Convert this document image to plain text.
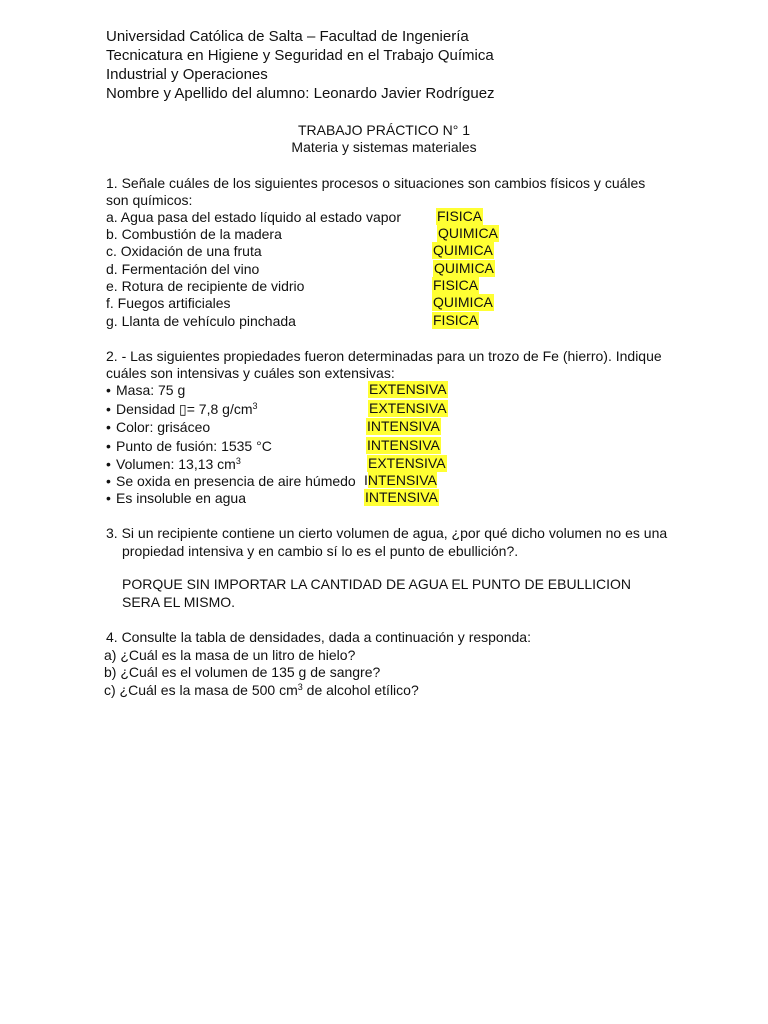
Universidad Católica de Salta – Facultad de Ingeniería
Tecnicatura en Higiene y Seguridad en el Trabajo Química
Industrial y Operaciones
Nombre y Apellido del alumno: Leonardo Javier Rodríguez
TRABAJO PRÁCTICO N° 1
Materia y sistemas materiales
1. Señale cuáles de los siguientes procesos o situaciones son cambios físicos y cuáles
son químicos:
a. Agua pasa del estado líquido al estado vapor	FISICA
b. Combustión de la madera	QUIMICA
c. Oxidación de una fruta	QUIMICA
d. Fermentación del vino	QUIMICA
e. Rotura de recipiente de vidrio	FISICA
f. Fuegos artificiales	QUIMICA
g. Llanta de vehículo pinchada	FISICA
2. - Las siguientes propiedades fueron determinadas para un trozo de Fe (hierro). Indique
cuáles son intensivas y cuáles son extensivas:
• Masa: 75 g	EXTENSIVA
• Densidad ▯= 7,8 $g/cm^3$	EXTENSIVA
• Color: grisáceo	INTENSIVA
• Punto de fusión: 1535 °C	INTENSIVA
• Volumen: 13,13 $cm^3$	EXTENSIVA
• Se oxida en presencia de aire húmedo INTENSIVA
• Es insoluble en agua	INTENSIVA
3. Si un recipiente contiene un cierto volumen de agua, ¿por qué dicho volumen no es una
propiedad intensiva y en cambio sí lo es el punto de ebullición?.
PORQUE SIN IMPORTAR LA CANTIDAD DE AGUA EL PUNTO DE EBULLICION
SERA EL MISMO.
4. Consulte la tabla de densidades, dada a continuación y responda:
a) ¿Cuál es la masa de un litro de hielo?
b) ¿Cuál es el volumen de 135 g de sangre?
c) ¿Cuál es la masa de 500 $cm^3$ de alcohol etílico?
